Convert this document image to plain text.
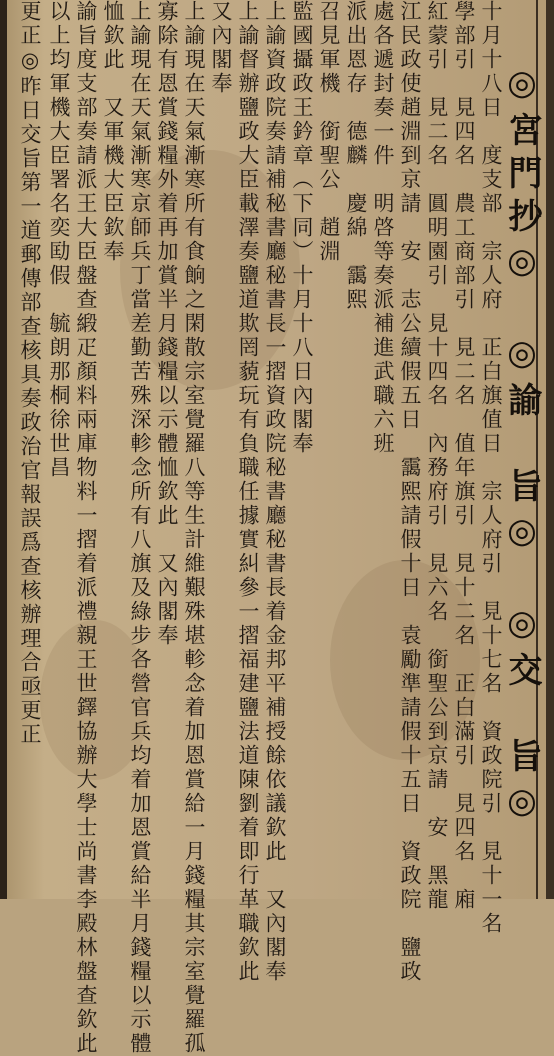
◎宮門抄◎　◎諭　旨◎　◎交　旨◎
十月十八日　度支部　宗人府　正白旗值日　宗人府引　見十七名　資政院引　見十一名
學部引　見四名　農工商部引　見二名　值年旗引　見十二名　正白滿引　見四名　廂
紅蒙引　見二名　圓明園引　見十四名　內務府引　見六名　銜聖公到京請　安　黑龍
江民政使趙淵到京請　安　志公續假五日　靄熙請假十日　袁勵準請假十五日　資政院　鹽政
處各遞封奏一件　明啓等奏派補進武職六班
派出恩存　德麟　慶綿　靄熙
召見軍機　銜聖公　趙淵
監國攝政王鈐章（下同）十月十八日內閣奉
上諭資政院奏請補秘書廳秘書長一摺資政院秘書廳秘書長着金邦平補授餘依議欽此　又內閣奉
上諭督辦鹽政大臣載澤奏鹽道欺罔藐玩有負職任據實糾參一摺福建鹽法道陳劉着即行革職欽此
又內閣奉
上諭現在天氣漸寒所有食餉之閑散宗室覺羅八等生計維艱殊堪軫念着加恩賞給一月錢糧其宗室覺羅孤
寡除有恩賞錢糧外着再加賞半月錢糧以示體恤欽此　又內閣奉
上諭現在天氣漸寒京師兵丁當差勤苦殊深軫念所有八旗及綠步各營官兵均着加恩賞給半月錢糧以示體
恤欽此　又軍機大臣欽奉
諭旨度支部奏請派王大臣盤查緞疋顏料兩庫物料一摺着派禮親王世鐸協辦大學士尚書李殿林盤查欽此
以上均軍機大臣署名奕劻假　毓朗那桐徐世昌
更正◎昨日交旨第一道郵傳部查核具奏政治官報誤爲查核辦理合亟更正
